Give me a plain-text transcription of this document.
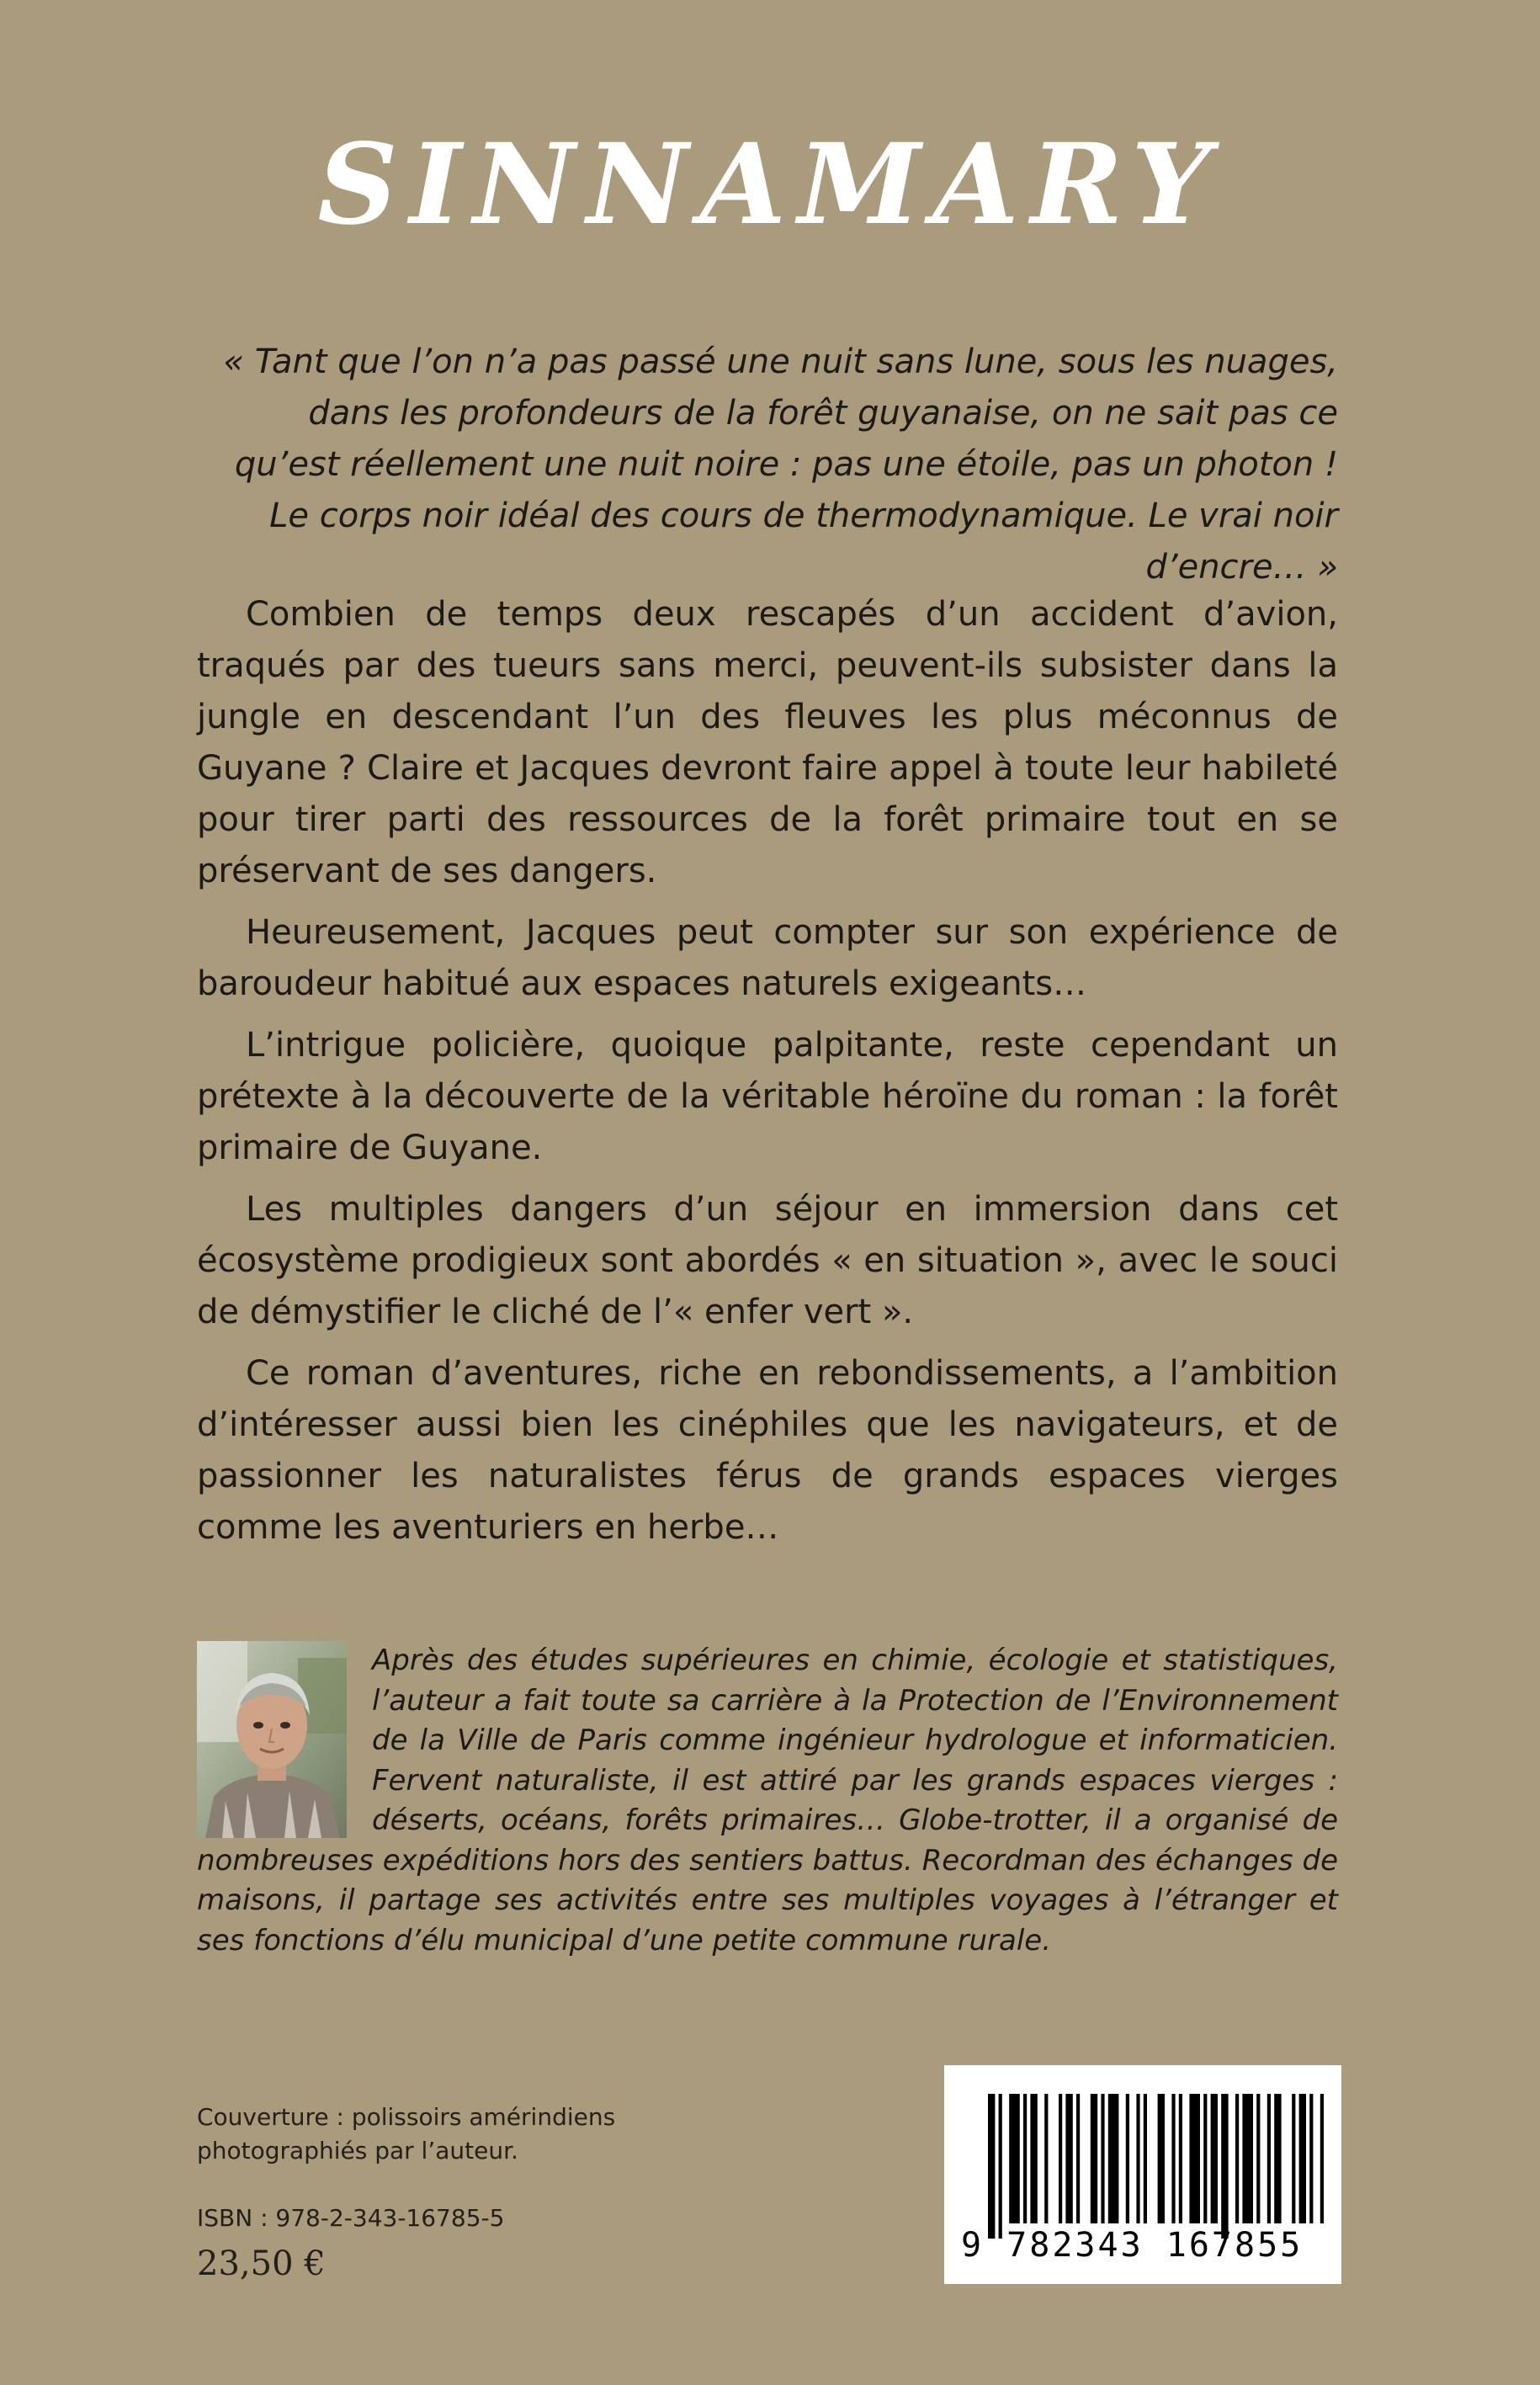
SINNAMARY

« Tant que l’on n’a pas passé une nuit sans lune, sous les nuages, dans les profondeurs de la forêt guyanaise, on ne sait pas ce qu’est réellement une nuit noire : pas une étoile, pas un photon ! Le corps noir idéal des cours de thermodynamique. Le vrai noir d’encre… »

Combien de temps deux rescapés d’un accident d’avion, traqués par des tueurs sans merci, peuvent-ils subsister dans la jungle en descendant l’un des fleuves les plus méconnus de Guyane ? Claire et Jacques devront faire appel à toute leur habileté pour tirer parti des ressources de la forêt primaire tout en se préservant de ses dangers.

Heureusement, Jacques peut compter sur son expérience de baroudeur habitué aux espaces naturels exigeants…

L’intrigue policière, quoique palpitante, reste cependant un prétexte à la découverte de la véritable héroïne du roman : la forêt primaire de Guyane.

Les multiples dangers d’un séjour en immersion dans cet écosystème prodigieux sont abordés « en situation », avec le souci de démystifier le cliché de l’« enfer vert ».

Ce roman d’aventures, riche en rebondissements, a l’ambition d’intéresser aussi bien les cinéphiles que les navigateurs, et de passionner les naturalistes férus de grands espaces vierges comme les aventuriers en herbe…

Après des études supérieures en chimie, écologie et statistiques, l’auteur a fait toute sa carrière à la Protection de l’Environnement de la Ville de Paris comme ingénieur hydrologue et informaticien. Fervent naturaliste, il est attiré par les grands espaces vierges : déserts, océans, forêts primaires… Globe-trotter, il a organisé de nombreuses expéditions hors des sentiers battus. Recordman des échanges de maisons, il partage ses activités entre ses multiples voyages à l’étranger et ses fonctions d’élu municipal d’une petite commune rurale.

Couverture : polissoirs amérindiens
photographiés par l’auteur.
ISBN : 978-2-343-16785-5
23,50 €	9 782343 167855
